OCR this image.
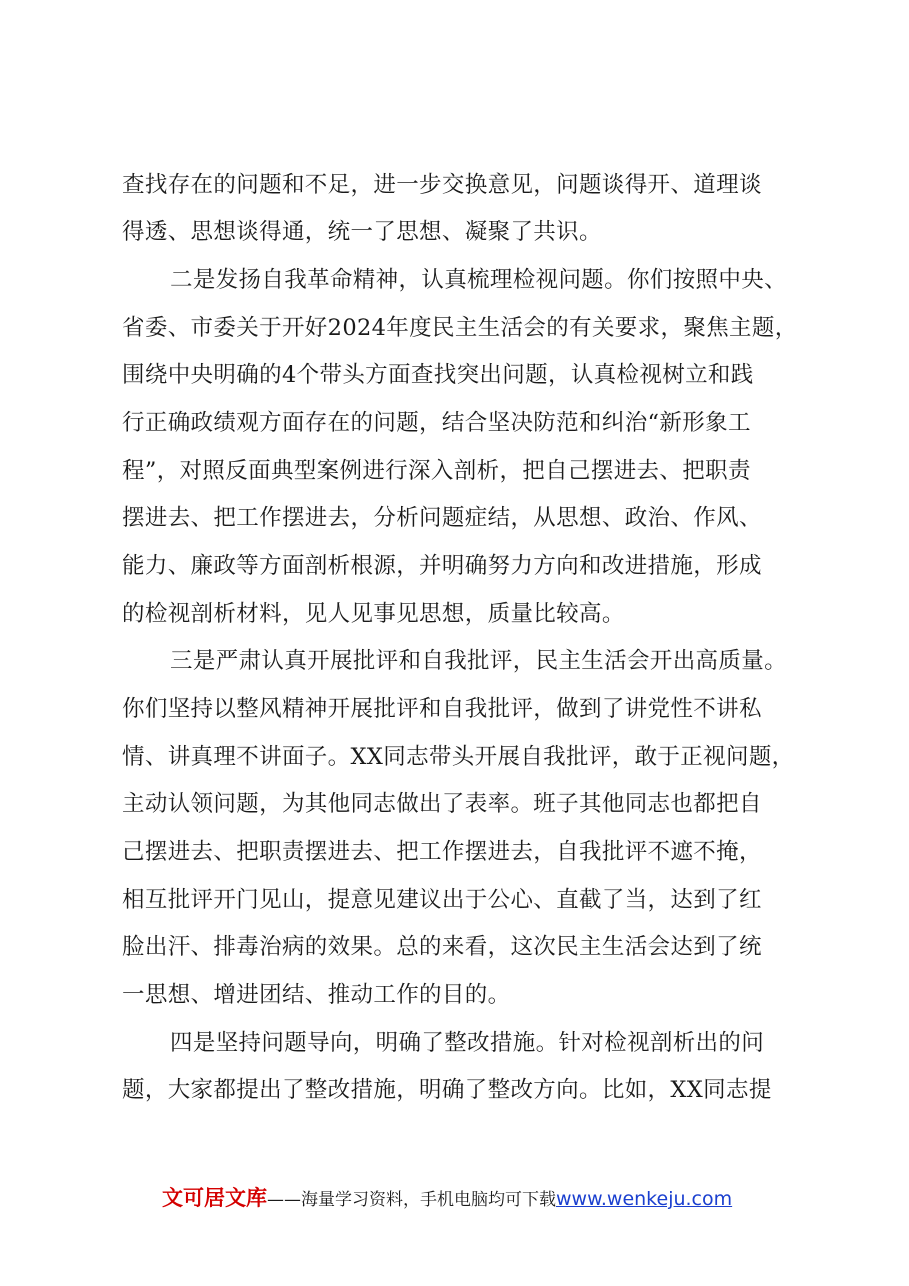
查找存在的问题和不足，进一步交换意见，问题谈得开、道理谈
得透、思想谈得通，统一了思想、凝聚了共识。
二是发扬自我革命精神，认真梳理检视问题。你们按照中央、
省委、市委关于开好2024年度民主生活会的有关要求，聚焦主题，
围绕中央明确的4个带头方面查找突出问题，认真检视树立和践
行正确政绩观方面存在的问题，结合坚决防范和纠治“新形象工
程”，对照反面典型案例进行深入剖析，把自己摆进去、把职责
摆进去、把工作摆进去，分析问题症结，从思想、政治、作风、
能力、廉政等方面剖析根源，并明确努力方向和改进措施，形成
的检视剖析材料，见人见事见思想，质量比较高。
三是严肃认真开展批评和自我批评，民主生活会开出高质量。
你们坚持以整风精神开展批评和自我批评，做到了讲党性不讲私
情、讲真理不讲面子。XX同志带头开展自我批评，敢于正视问题，
主动认领问题，为其他同志做出了表率。班子其他同志也都把自
己摆进去、把职责摆进去、把工作摆进去，自我批评不遮不掩，
相互批评开门见山，提意见建议出于公心、直截了当，达到了红
脸出汗、排毒治病的效果。总的来看，这次民主生活会达到了统
一思想、增进团结、推动工作的目的。
四是坚持问题导向，明确了整改措施。针对检视剖析出的问
题，大家都提出了整改措施，明确了整改方向。比如，XX同志提
文可居文库——海量学习资料，手机电脑均可下载www.wenkeju.com
